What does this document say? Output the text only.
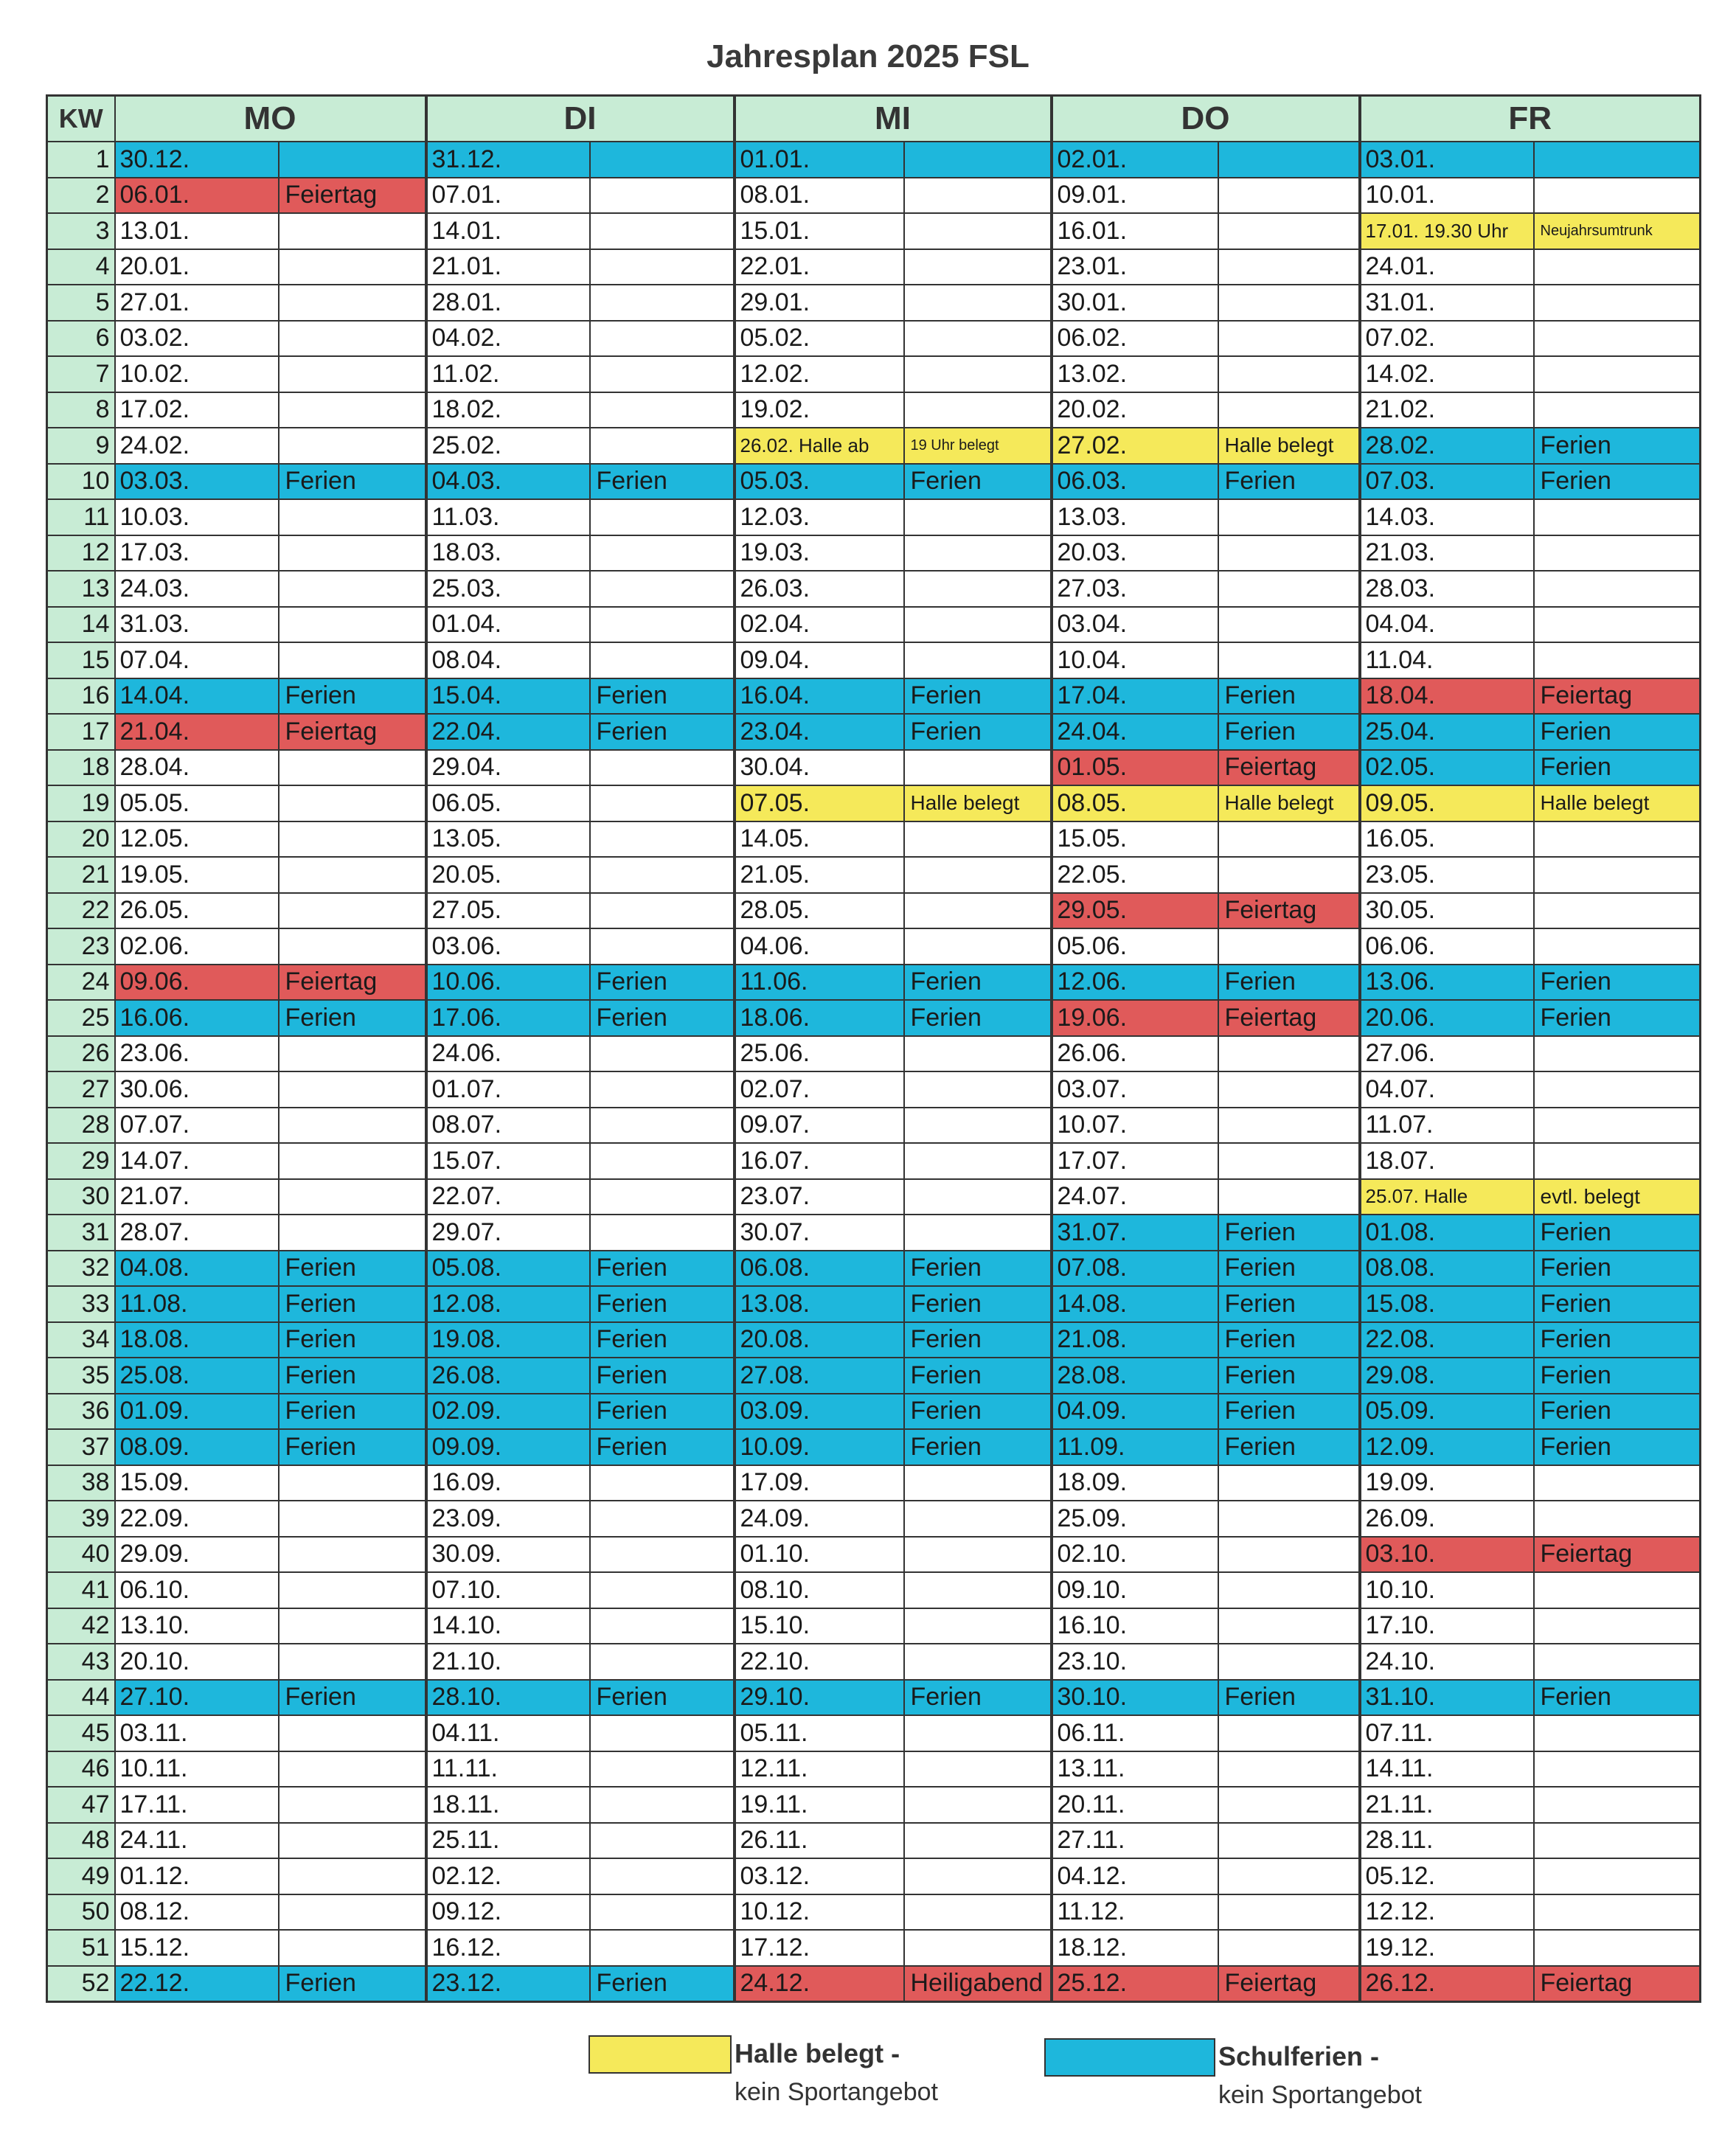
Jahresplan 2025 FSL
KW	MO		DI		MI		DO		FR	
1	30.12.		31.12.		01.01.		02.01.		03.01.	
2	06.01.	Feiertag	07.01.		08.01.		09.01.		10.01.	
3	13.01.		14.01.		15.01.		16.01.		17.01. 19.30 Uhr	Neujahrsumtrunk
4	20.01.		21.01.		22.01.		23.01.		24.01.	
5	27.01.		28.01.		29.01.		30.01.		31.01.	
6	03.02.		04.02.		05.02.		06.02.		07.02.	
7	10.02.		11.02.		12.02.		13.02.		14.02.	
8	17.02.		18.02.		19.02.		20.02.		21.02.	
9	24.02.		25.02.		26.02. Halle ab	19 Uhr belegt	27.02.	Halle belegt	28.02.	Ferien
10	03.03.	Ferien	04.03.	Ferien	05.03.	Ferien	06.03.	Ferien	07.03.	Ferien
11	10.03.		11.03.		12.03.		13.03.		14.03.	
12	17.03.		18.03.		19.03.		20.03.		21.03.	
13	24.03.		25.03.		26.03.		27.03.		28.03.	
14	31.03.		01.04.		02.04.		03.04.		04.04.	
15	07.04.		08.04.		09.04.		10.04.		11.04.	
16	14.04.	Ferien	15.04.	Ferien	16.04.	Ferien	17.04.	Ferien	18.04.	Feiertag
17	21.04.	Feiertag	22.04.	Ferien	23.04.	Ferien	24.04.	Ferien	25.04.	Ferien
18	28.04.		29.04.		30.04.		01.05.	Feiertag	02.05.	Ferien
19	05.05.		06.05.		07.05.	Halle belegt	08.05.	Halle belegt	09.05.	Halle belegt
20	12.05.		13.05.		14.05.		15.05.		16.05.	
21	19.05.		20.05.		21.05.		22.05.		23.05.	
22	26.05.		27.05.		28.05.		29.05.	Feiertag	30.05.	
23	02.06.		03.06.		04.06.		05.06.		06.06.	
24	09.06.	Feiertag	10.06.	Ferien	11.06.	Ferien	12.06.	Ferien	13.06.	Ferien
25	16.06.	Ferien	17.06.	Ferien	18.06.	Ferien	19.06.	Feiertag	20.06.	Ferien
26	23.06.		24.06.		25.06.		26.06.		27.06.	
27	30.06.		01.07.		02.07.		03.07.		04.07.	
28	07.07.		08.07.		09.07.		10.07.		11.07.	
29	14.07.		15.07.		16.07.		17.07.		18.07.	
30	21.07.		22.07.		23.07.		24.07.		25.07. Halle	evtl. belegt
31	28.07.		29.07.		30.07.		31.07.	Ferien	01.08.	Ferien
32	04.08.	Ferien	05.08.	Ferien	06.08.	Ferien	07.08.	Ferien	08.08.	Ferien
33	11.08.	Ferien	12.08.	Ferien	13.08.	Ferien	14.08.	Ferien	15.08.	Ferien
34	18.08.	Ferien	19.08.	Ferien	20.08.	Ferien	21.08.	Ferien	22.08.	Ferien
35	25.08.	Ferien	26.08.	Ferien	27.08.	Ferien	28.08.	Ferien	29.08.	Ferien
36	01.09.	Ferien	02.09.	Ferien	03.09.	Ferien	04.09.	Ferien	05.09.	Ferien
37	08.09.	Ferien	09.09.	Ferien	10.09.	Ferien	11.09.	Ferien	12.09.	Ferien
38	15.09.		16.09.		17.09.		18.09.		19.09.	
39	22.09.		23.09.		24.09.		25.09.		26.09.	
40	29.09.		30.09.		01.10.		02.10.		03.10.	Feiertag
41	06.10.		07.10.		08.10.		09.10.		10.10.	
42	13.10.		14.10.		15.10.		16.10.		17.10.	
43	20.10.		21.10.		22.10.		23.10.		24.10.	
44	27.10.	Ferien	28.10.	Ferien	29.10.	Ferien	30.10.	Ferien	31.10.	Ferien
45	03.11.		04.11.		05.11.		06.11.		07.11.	
46	10.11.		11.11.		12.11.		13.11.		14.11.	
47	17.11.		18.11.		19.11.		20.11.		21.11.	
48	24.11.		25.11.		26.11.		27.11.		28.11.	
49	01.12.		02.12.		03.12.		04.12.		05.12.	
50	08.12.		09.12.		10.12.		11.12.		12.12.	
51	15.12.		16.12.		17.12.		18.12.		19.12.	
52	22.12.	Ferien	23.12.	Ferien	24.12.	Heiligabend	25.12.	Feiertag	26.12.	Feiertag
Halle belegt -
kein Sportangebot
Schulferien -
kein Sportangebot
